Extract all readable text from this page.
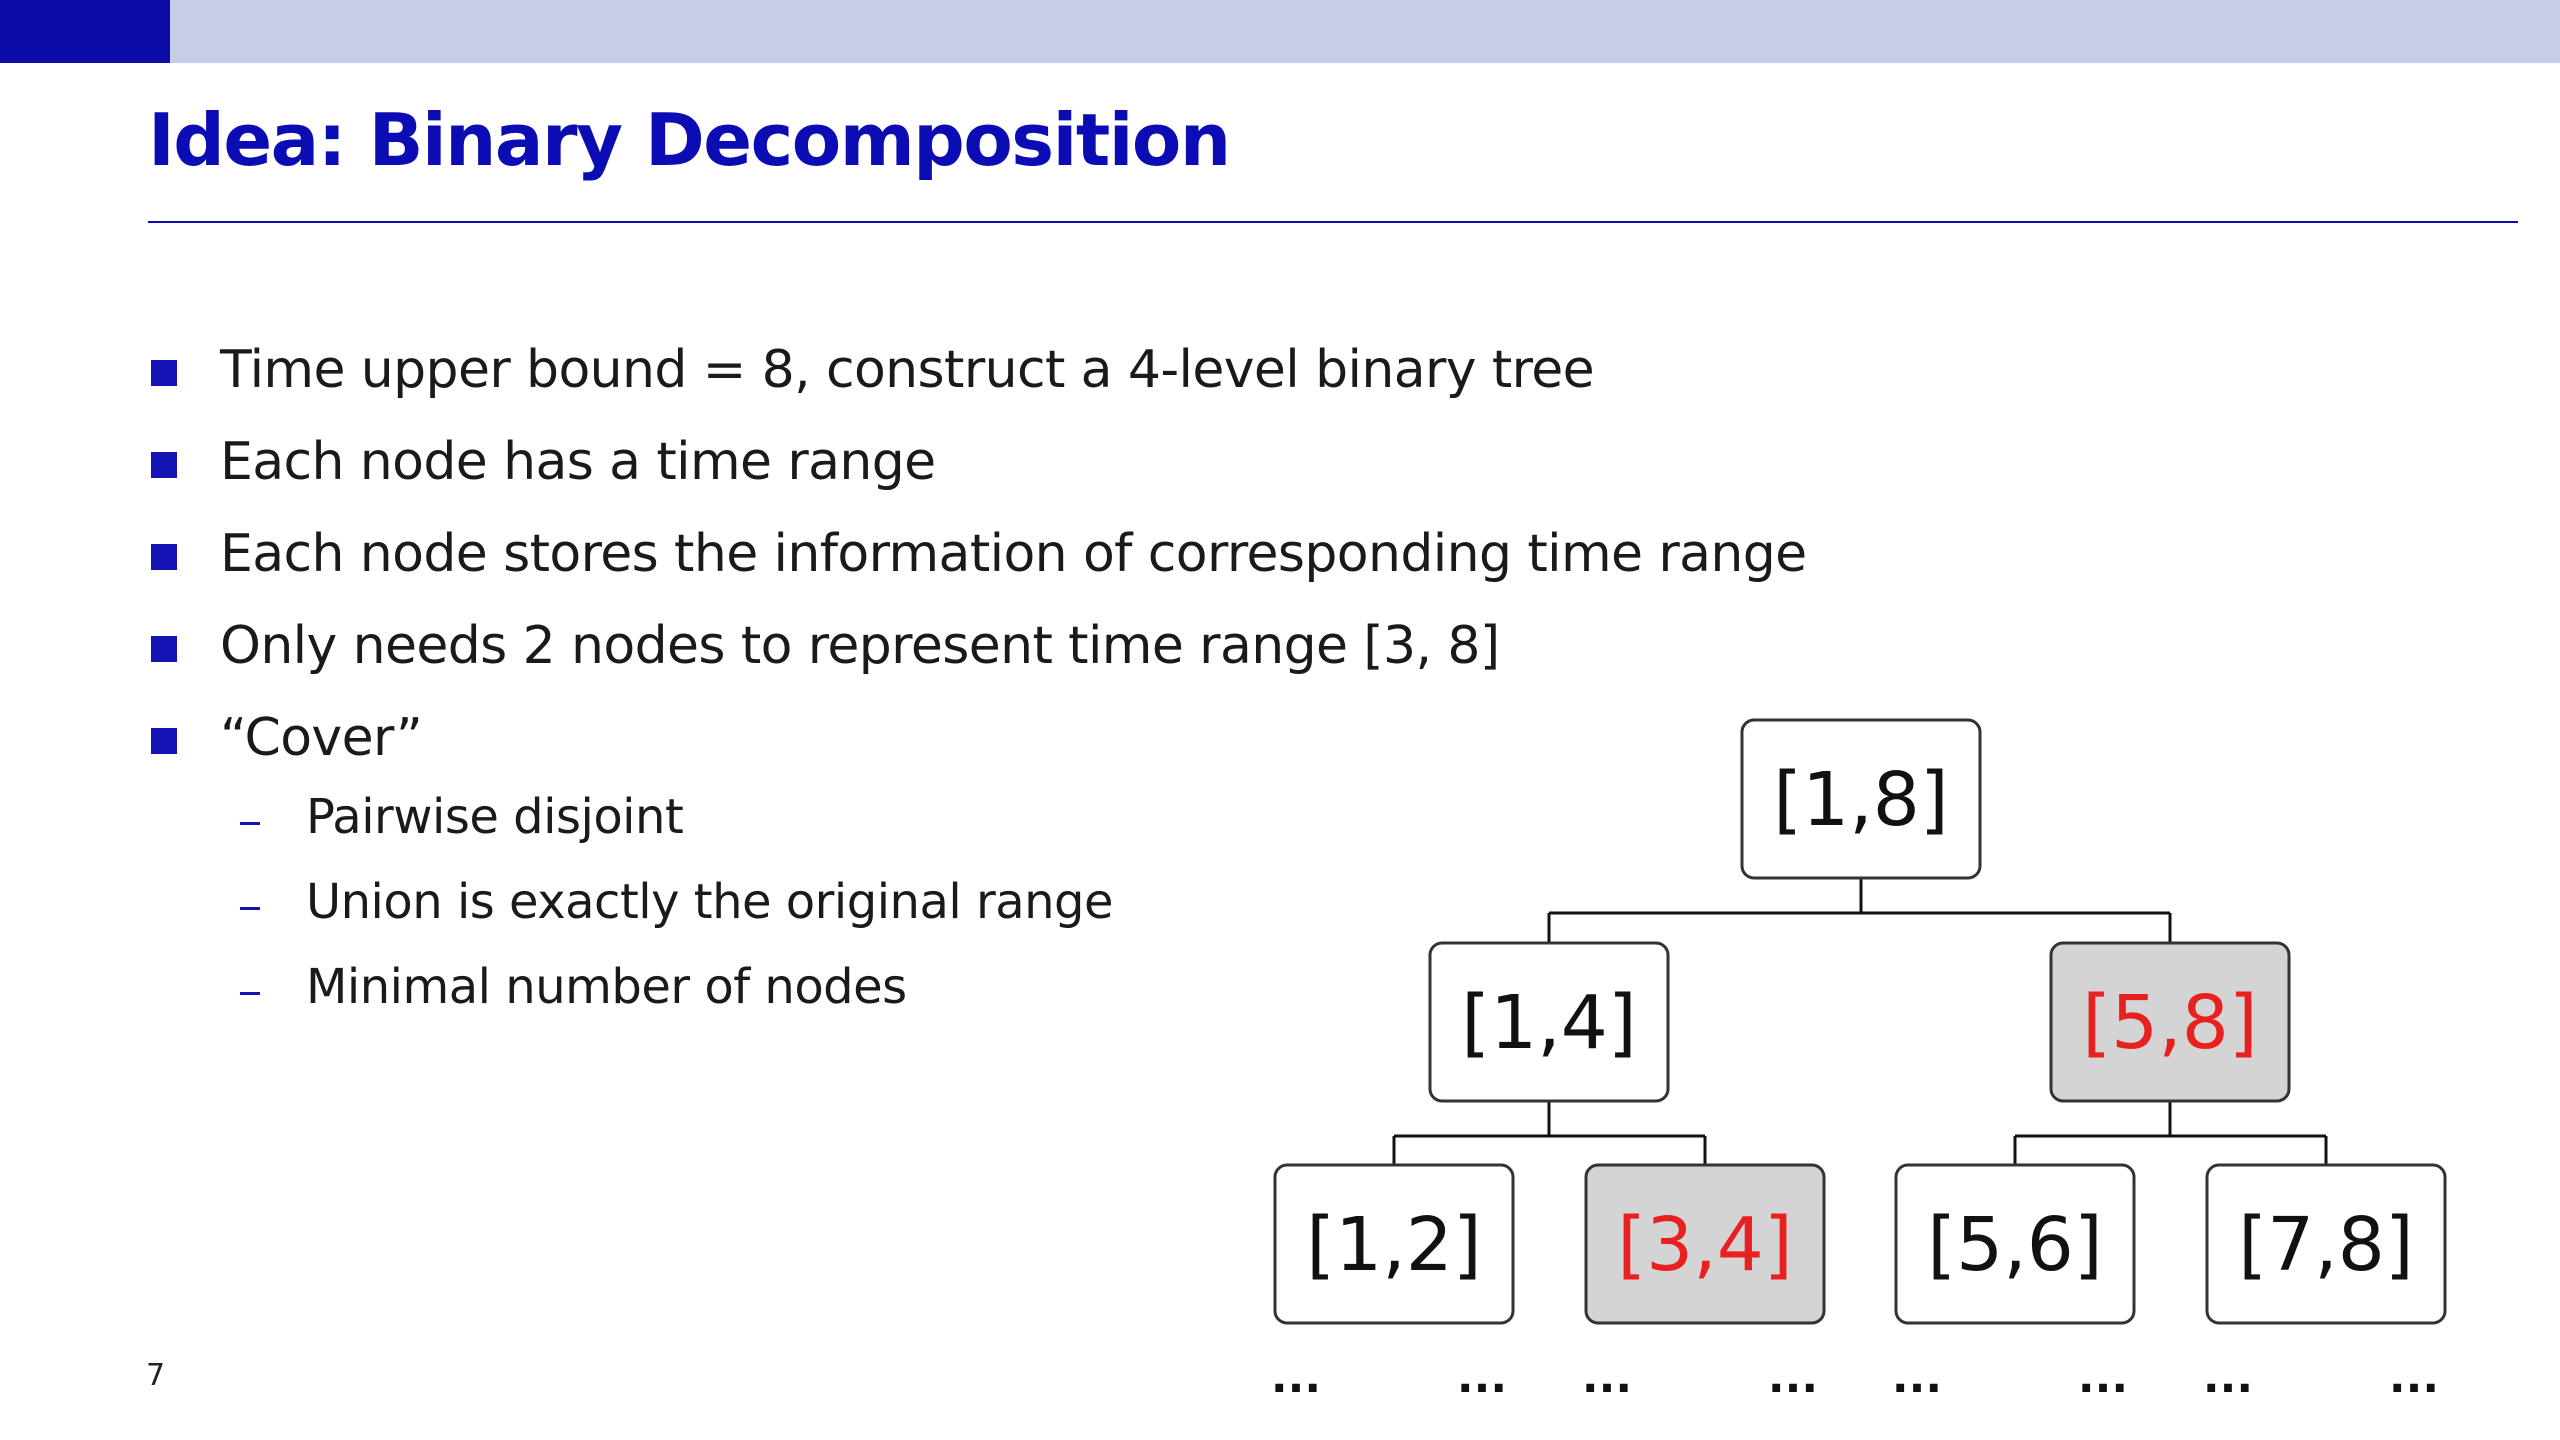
Idea: Binary Decomposition
Time upper bound = 8, construct a 4-level binary tree
Each node has a time range
Each node stores the information of corresponding time range
Only needs 2 nodes to represent time range [3, 8]
“Cover”
Pairwise disjoint
Union is exactly the original range
Minimal number of nodes
[1,8]
[1,4]	[5,8]
[1,2] [3,4] [5,6] [7,8]
...	... ...	... ...	... ...	...
7
